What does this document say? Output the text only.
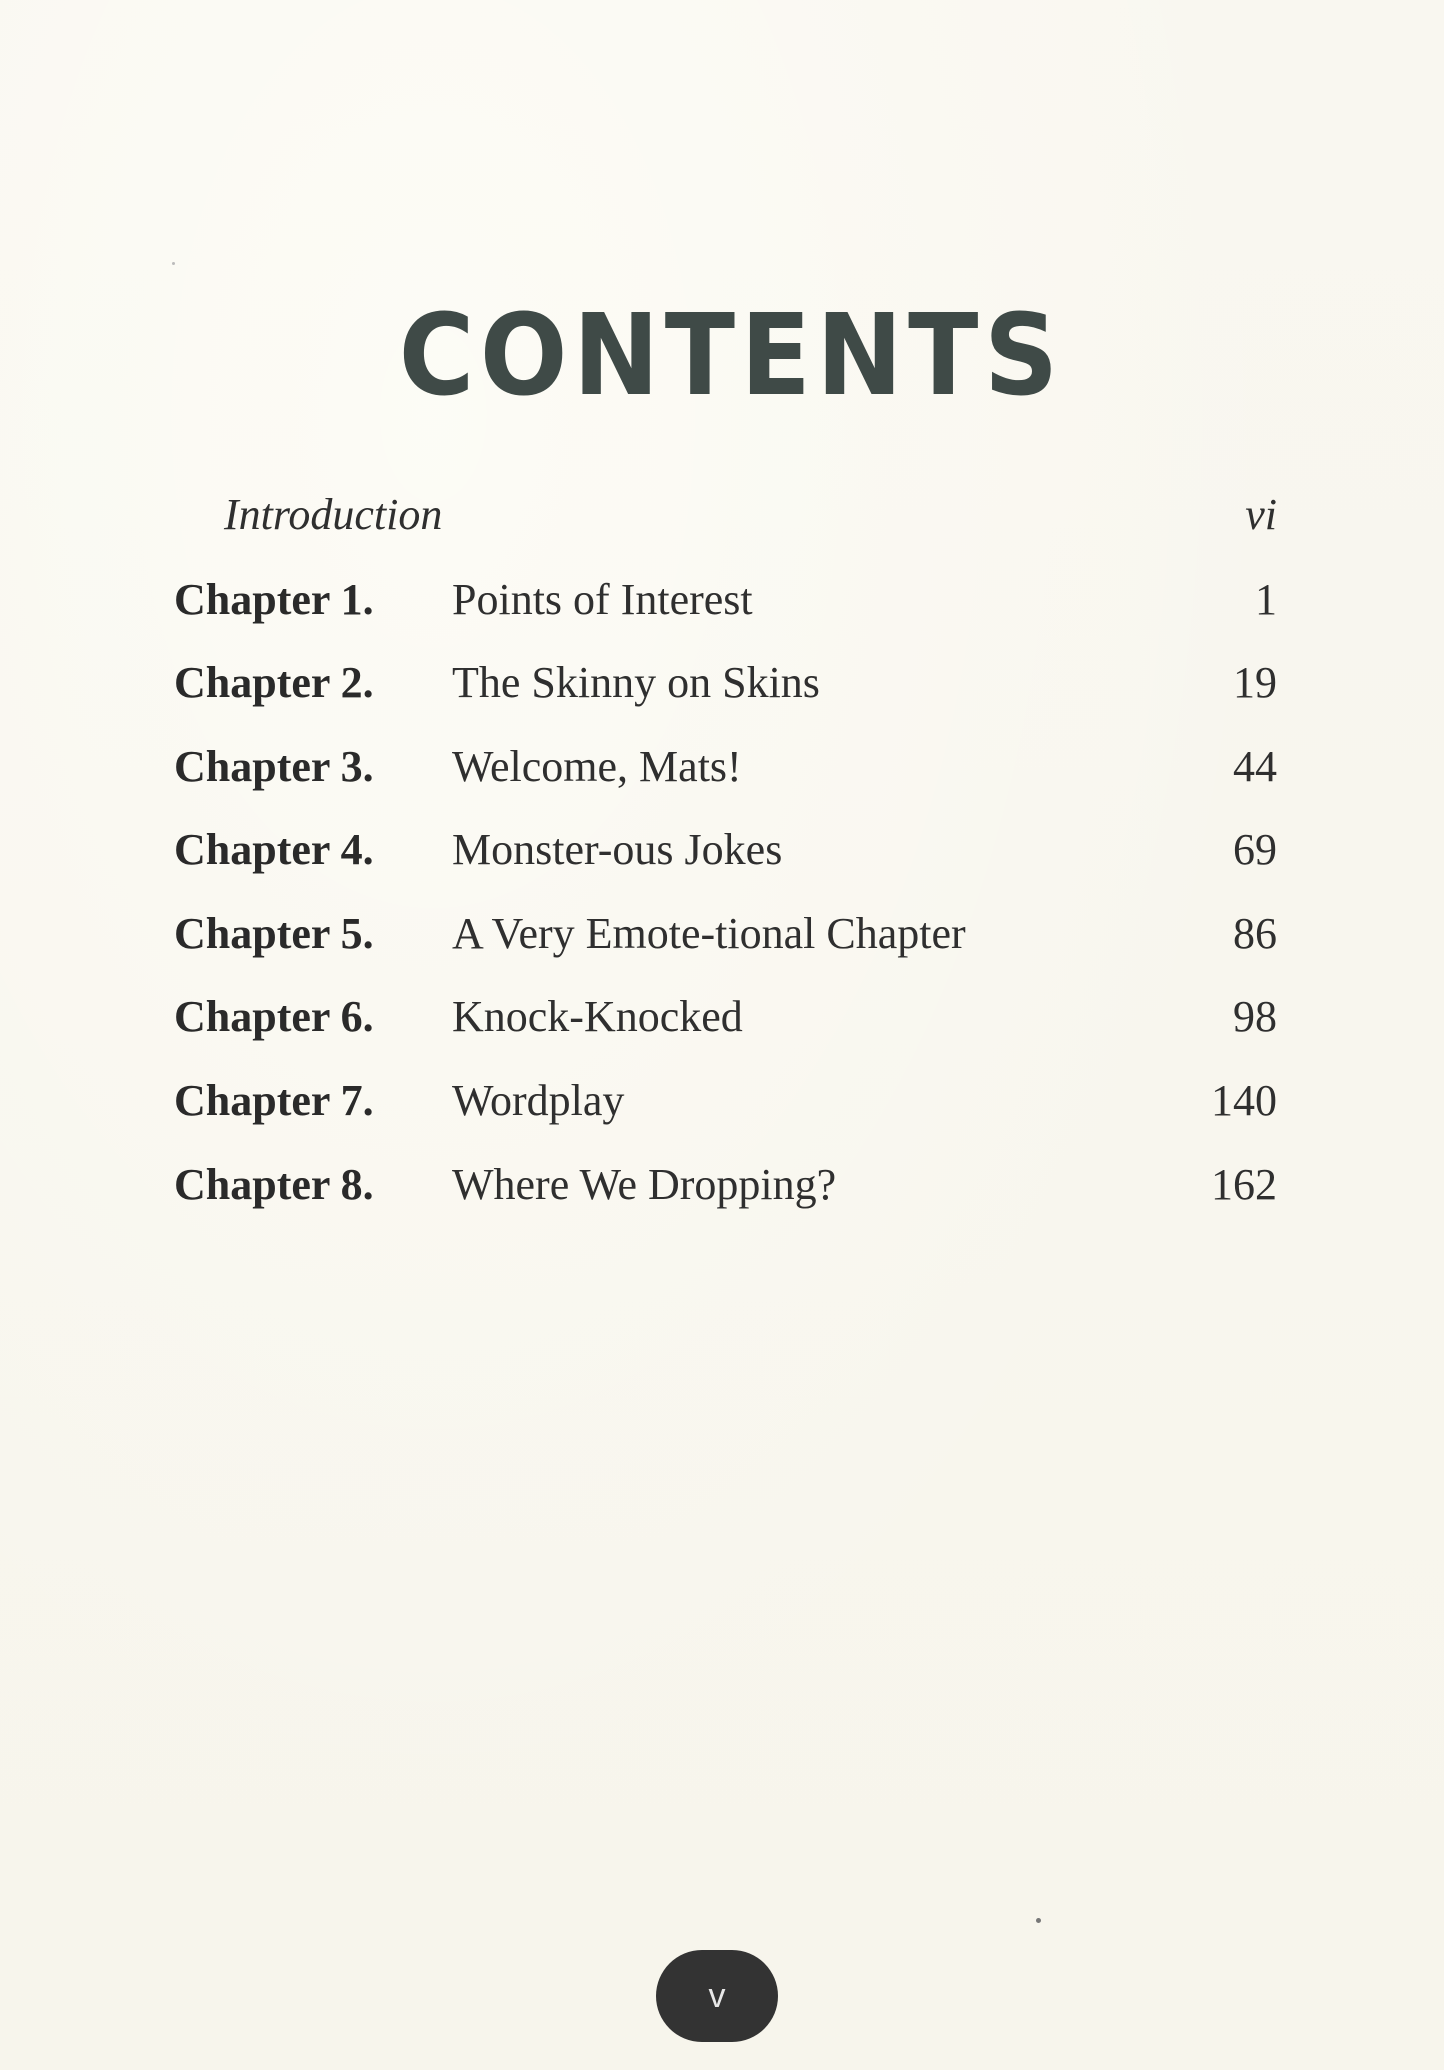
CONTENTS
Introduction	vi
Chapter 1. Points of Interest	1
Chapter 2. The Skinny on Skins	19
Chapter 3. Welcome, Mats!	44
Chapter 4. Monster-ous Jokes	69
Chapter 5. A Very Emote-tional Chapter	86
Chapter 6. Knock-Knocked	98
Chapter 7. Wordplay	140
Chapter 8. Where We Dropping?	162
v
